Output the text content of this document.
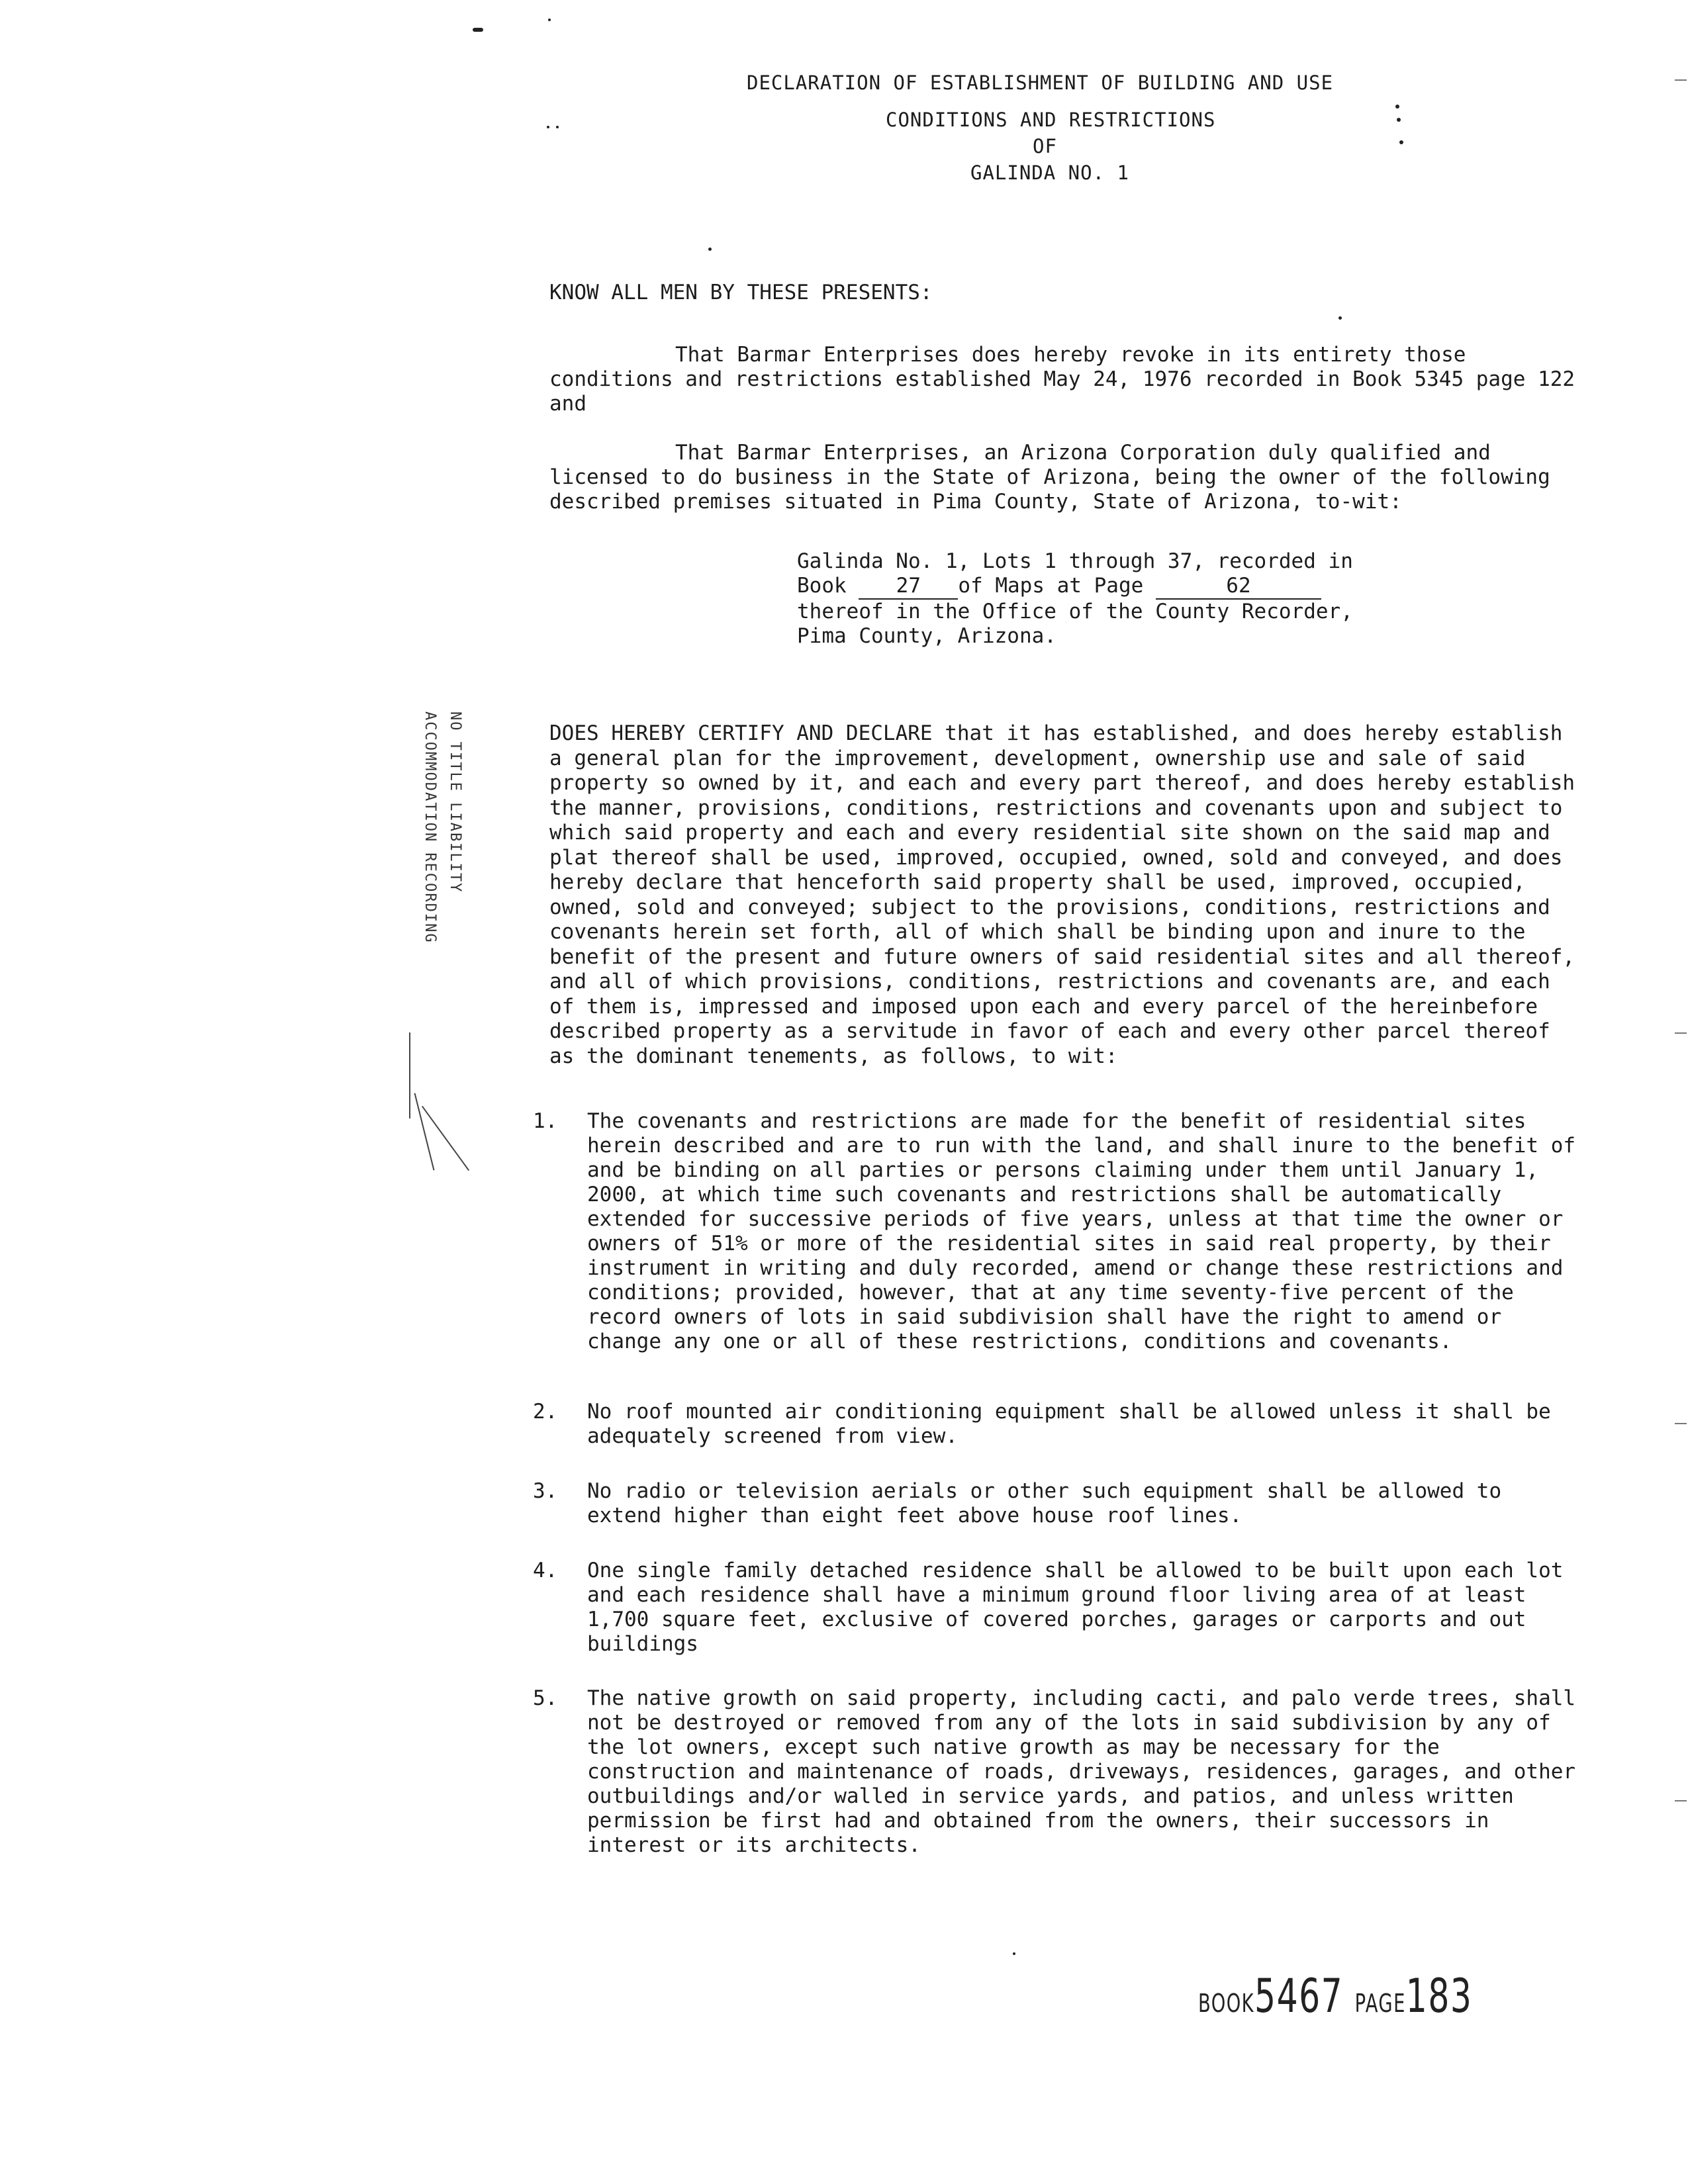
DECLARATION OF ESTABLISHMENT OF BUILDING AND USE
CONDITIONS AND RESTRICTIONS
OF
GALINDA NO. 1
KNOW ALL MEN BY THESE PRESENTS:
That Barmar Enterprises does hereby revoke in its entirety those conditions and restrictions established May 24, 1976 recorded in Book 5345 page 122 and
That Barmar Enterprises, an Arizona Corporation duly qualified and licensed to do business in the State of Arizona, being the owner of the following described premises situated in Pima County, State of Arizona, to-wit:
Galinda No. 1, Lots 1 through 37, recorded in
Book 27 of Maps at Page	62
thereof in the Office of the County Recorder,
Pima County, Arizona.
ACCOMMODATION RECORDING NO TITLE LIABILITY	DOES HEREBY CERTIFY AND DECLARE that it has established, and does hereby establish a general plan for the improvement, development, ownership use and sale of said property so owned by it, and each and every part thereof, and does hereby establish the manner, provisions, conditions, restrictions and covenants upon and subject to which said property and each and every residential site shown on the said map and plat thereof shall be used, improved, occupied, owned, sold and conveyed, and does hereby declare that henceforth said property shall be used, improved, occupied, owned, sold and conveyed; subject to the provisions, conditions, restrictions and covenants herein set forth, all of which shall be binding upon and inure to the benefit of the present and future owners of said residential sites and all thereof, and all of which provisions, conditions, restrictions and covenants are, and each of them is, impressed and imposed upon each and every parcel of the hereinbefore described property as a servitude in favor of each and every other parcel thereof as the dominant tenements, as follows, to wit:
1.	The covenants and restrictions are made for the benefit of residential sites herein described and are to run with the land, and shall inure to the benefit of and be binding on all parties or persons claiming under them until January 1, 2000, at which time such covenants and restrictions shall be automatically extended for successive periods of five years, unless at that time the owner or owners of 51% or more of the residential sites in said real property, by their instrument in writing and duly recorded, amend or change these restrictions and conditions; provided, however, that at any time seventy-five percent of the record owners of lots in said subdivision shall have the right to amend or change any one or all of these restrictions, conditions and covenants.
2.	No roof mounted air conditioning equipment shall be allowed unless it shall be adequately screened from view.
3.	No radio or television aerials or other such equipment shall be allowed to extend higher than eight feet above house roof lines.
4.	One single family detached residence shall be allowed to be built upon each lot and each residence shall have a minimum ground floor living area of at least 1,700 square feet, exclusive of covered porches, garages or carports and out buildings
5.	The native growth on said property, including cacti, and palo verde trees, shall not be destroyed or removed from any of the lots in said subdivision by any of the lot owners, except such native growth as may be necessary for the construction and maintenance of roads, driveways, residences, garages, and other outbuildings and/or walled in service yards, and patios, and unless written permission be first had and obtained from the owners, their successors in interest or its architects.
BOOK5467 PAGE183
